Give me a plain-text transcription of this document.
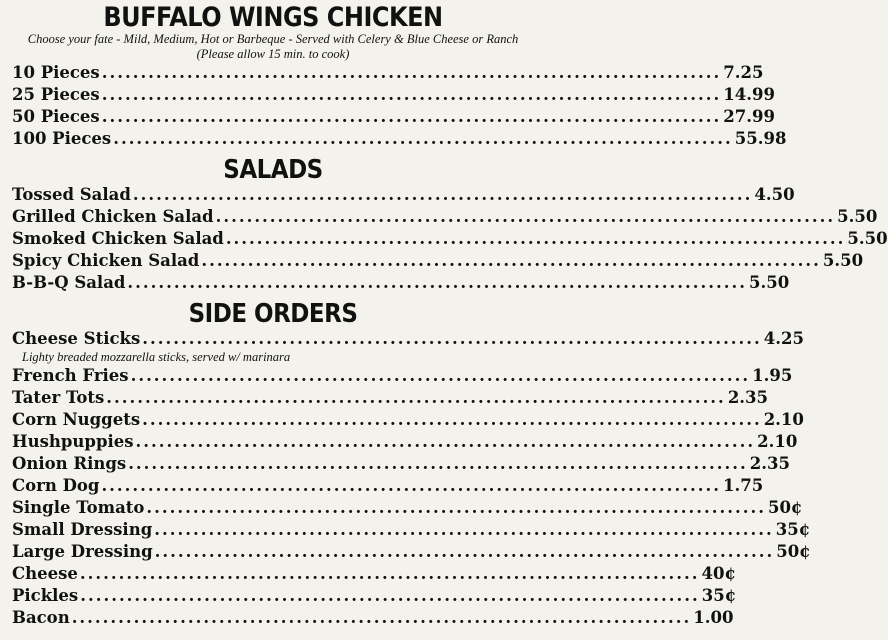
BUFFALO WINGS CHICKEN

Choose your fate - Mild, Medium, Hot or Barbeque - Served with Celery & Blue Cheese or Ranch

(Please allow 15 min. to cook)

10 Pieces ................................................................................ 7.25
25 Pieces ................................................................................ 14.99
50 Pieces ................................................................................ 27.99
100 Pieces ................................................................................ 55.98
SALADS
Tossed Salad ................................................................................ 4.50
Grilled Chicken Salad ................................................................................ 5.50
Smoked Chicken Salad ................................................................................ 5.50
Spicy Chicken Salad ................................................................................ 5.50
B-B-Q Salad ................................................................................ 5.50
SIDE ORDERS
Cheese Sticks ................................................................................ 4.25
Lighty breaded mozzarella sticks, served w/ marinara
French Fries ................................................................................ 1.95
Tater Tots ................................................................................ 2.35
Corn Nuggets ................................................................................ 2.10
Hushpuppies ................................................................................ 2.10
Onion Rings ................................................................................ 2.35
Corn Dog ................................................................................ 1.75
Single Tomato ................................................................................ 50¢
Small Dressing ................................................................................ 35¢
Large Dressing ................................................................................ 50¢
Cheese ................................................................................ 40¢
Pickles ................................................................................ 35¢
Bacon ................................................................................ 1.00
